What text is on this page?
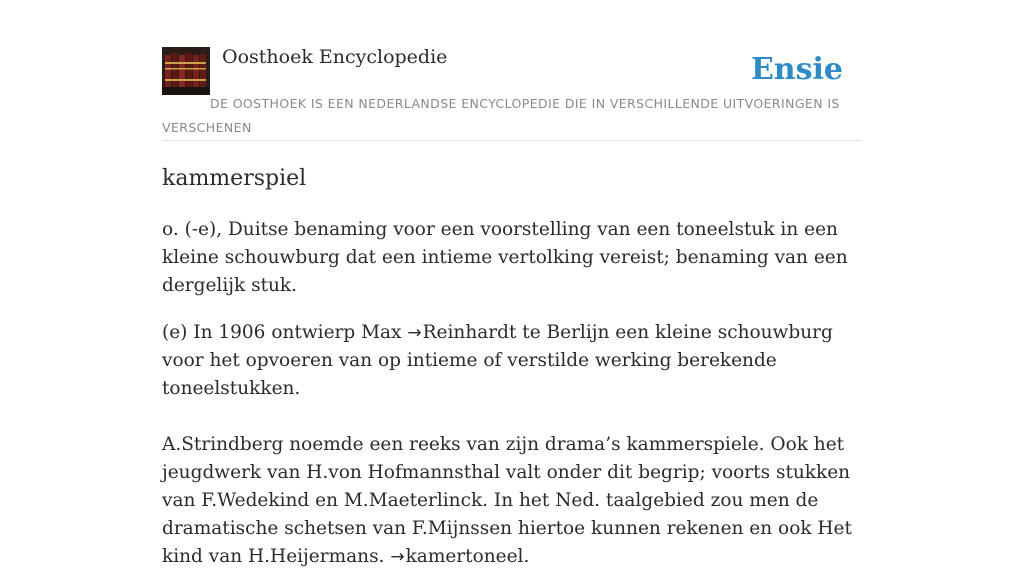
Oosthoek Encyclopedie	Ensie
DE OOSTHOEK IS EEN NEDERLANDSE ENCYCLOPEDIE DIE IN VERSCHILLENDE UITVOERINGEN IS VERSCHENEN
kammerspiel

o. (-e), Duitse benaming voor een voorstelling van een toneelstuk in een kleine schouwburg dat een intieme vertolking vereist; benaming van een dergelijk stuk.

(e) In 1906 ontwierp Max →Reinhardt te Berlijn een kleine schouwburg voor het opvoeren van op intieme of verstilde werking berekende toneelstukken.

A.Strindberg noemde een reeks van zijn drama’s kammerspiele. Ook het jeugdwerk van H.von Hofmannsthal valt onder dit begrip; voorts stukken van F.Wedekind en M.Maeterlinck. In het Ned. taalgebied zou men de dramatische schetsen van F.Mijnssen hiertoe kunnen rekenen en ook Het kind van H.Heijermans. →kamertoneel.
